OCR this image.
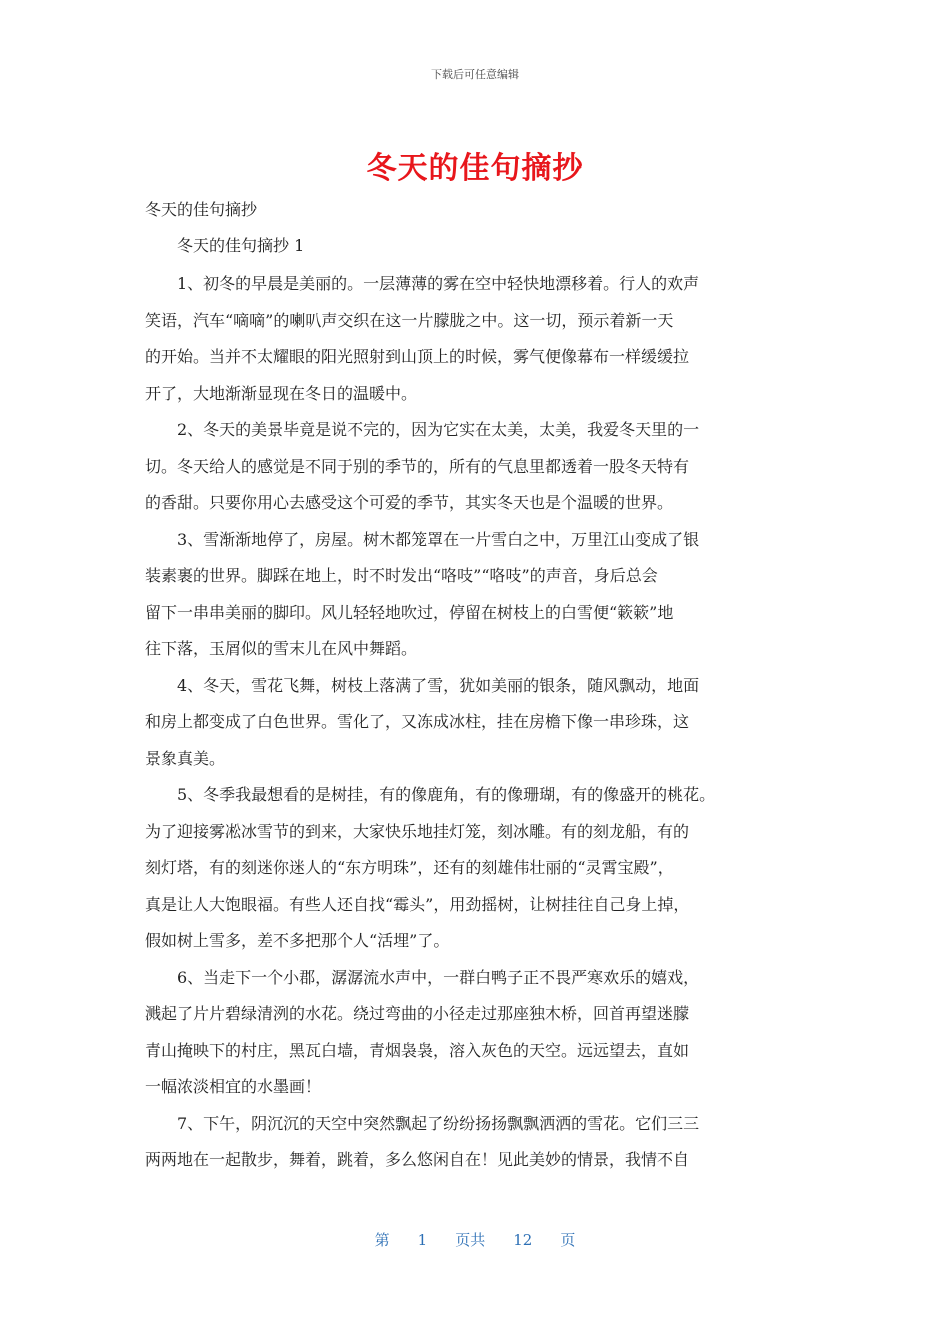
下载后可任意编辑
冬天的佳句摘抄
冬天的佳句摘抄
冬天的佳句摘抄 1

1、初冬的早晨是美丽的。一层薄薄的雾在空中轻快地漂移着。行人的欢声
笑语，汽车“嘀嘀”的喇叭声交织在这一片朦胧之中。这一切，预示着新一天
的开始。当并不太耀眼的阳光照射到山顶上的时候，雾气便像幕布一样缓缓拉
开了，大地渐渐显现在冬日的温暖中。

2、冬天的美景毕竟是说不完的，因为它实在太美，太美，我爱冬天里的一
切。冬天给人的感觉是不同于别的季节的，所有的气息里都透着一股冬天特有
的香甜。只要你用心去感受这个可爱的季节，其实冬天也是个温暖的世界。

3、雪渐渐地停了，房屋。树木都笼罩在一片雪白之中，万里江山变成了银
装素裹的世界。脚踩在地上，时不时发出“咯吱”“咯吱”的声音，身后总会
留下一串串美丽的脚印。风儿轻轻地吹过，停留在树枝上的白雪便“簌簌”地
往下落，玉屑似的雪末儿在风中舞蹈。

4、冬天，雪花飞舞，树枝上落满了雪，犹如美丽的银条，随风飘动，地面
和房上都变成了白色世界。雪化了，又冻成冰柱，挂在房檐下像一串珍珠，这
景象真美。

5、冬季我最想看的是树挂，有的像鹿角，有的像珊瑚，有的像盛开的桃花。
为了迎接雾凇冰雪节的到来，大家快乐地挂灯笼，刻冰雕。有的刻龙船，有的
刻灯塔，有的刻迷你迷人的“东方明珠”，还有的刻雄伟壮丽的“灵霄宝殿”，
真是让人大饱眼福。有些人还自找“霉头”，用劲摇树，让树挂往自己身上掉，
假如树上雪多，差不多把那个人“活埋”了。

6、当走下一个小郡，潺潺流水声中，一群白鸭子正不畏严寒欢乐的嬉戏，
溅起了片片碧绿清洌的水花。绕过弯曲的小径走过那座独木桥，回首再望迷朦
青山掩映下的村庄，黑瓦白墙，青烟袅袅，溶入灰色的天空。远远望去，直如
一幅浓淡相宜的水墨画！

7、下午，阴沉沉的天空中突然飘起了纷纷扬扬飘飘洒洒的雪花。它们三三
两两地在一起散步，舞着，跳着，多么悠闲自在！见此美妙的情景，我情不自

第 1 页共 12 页
